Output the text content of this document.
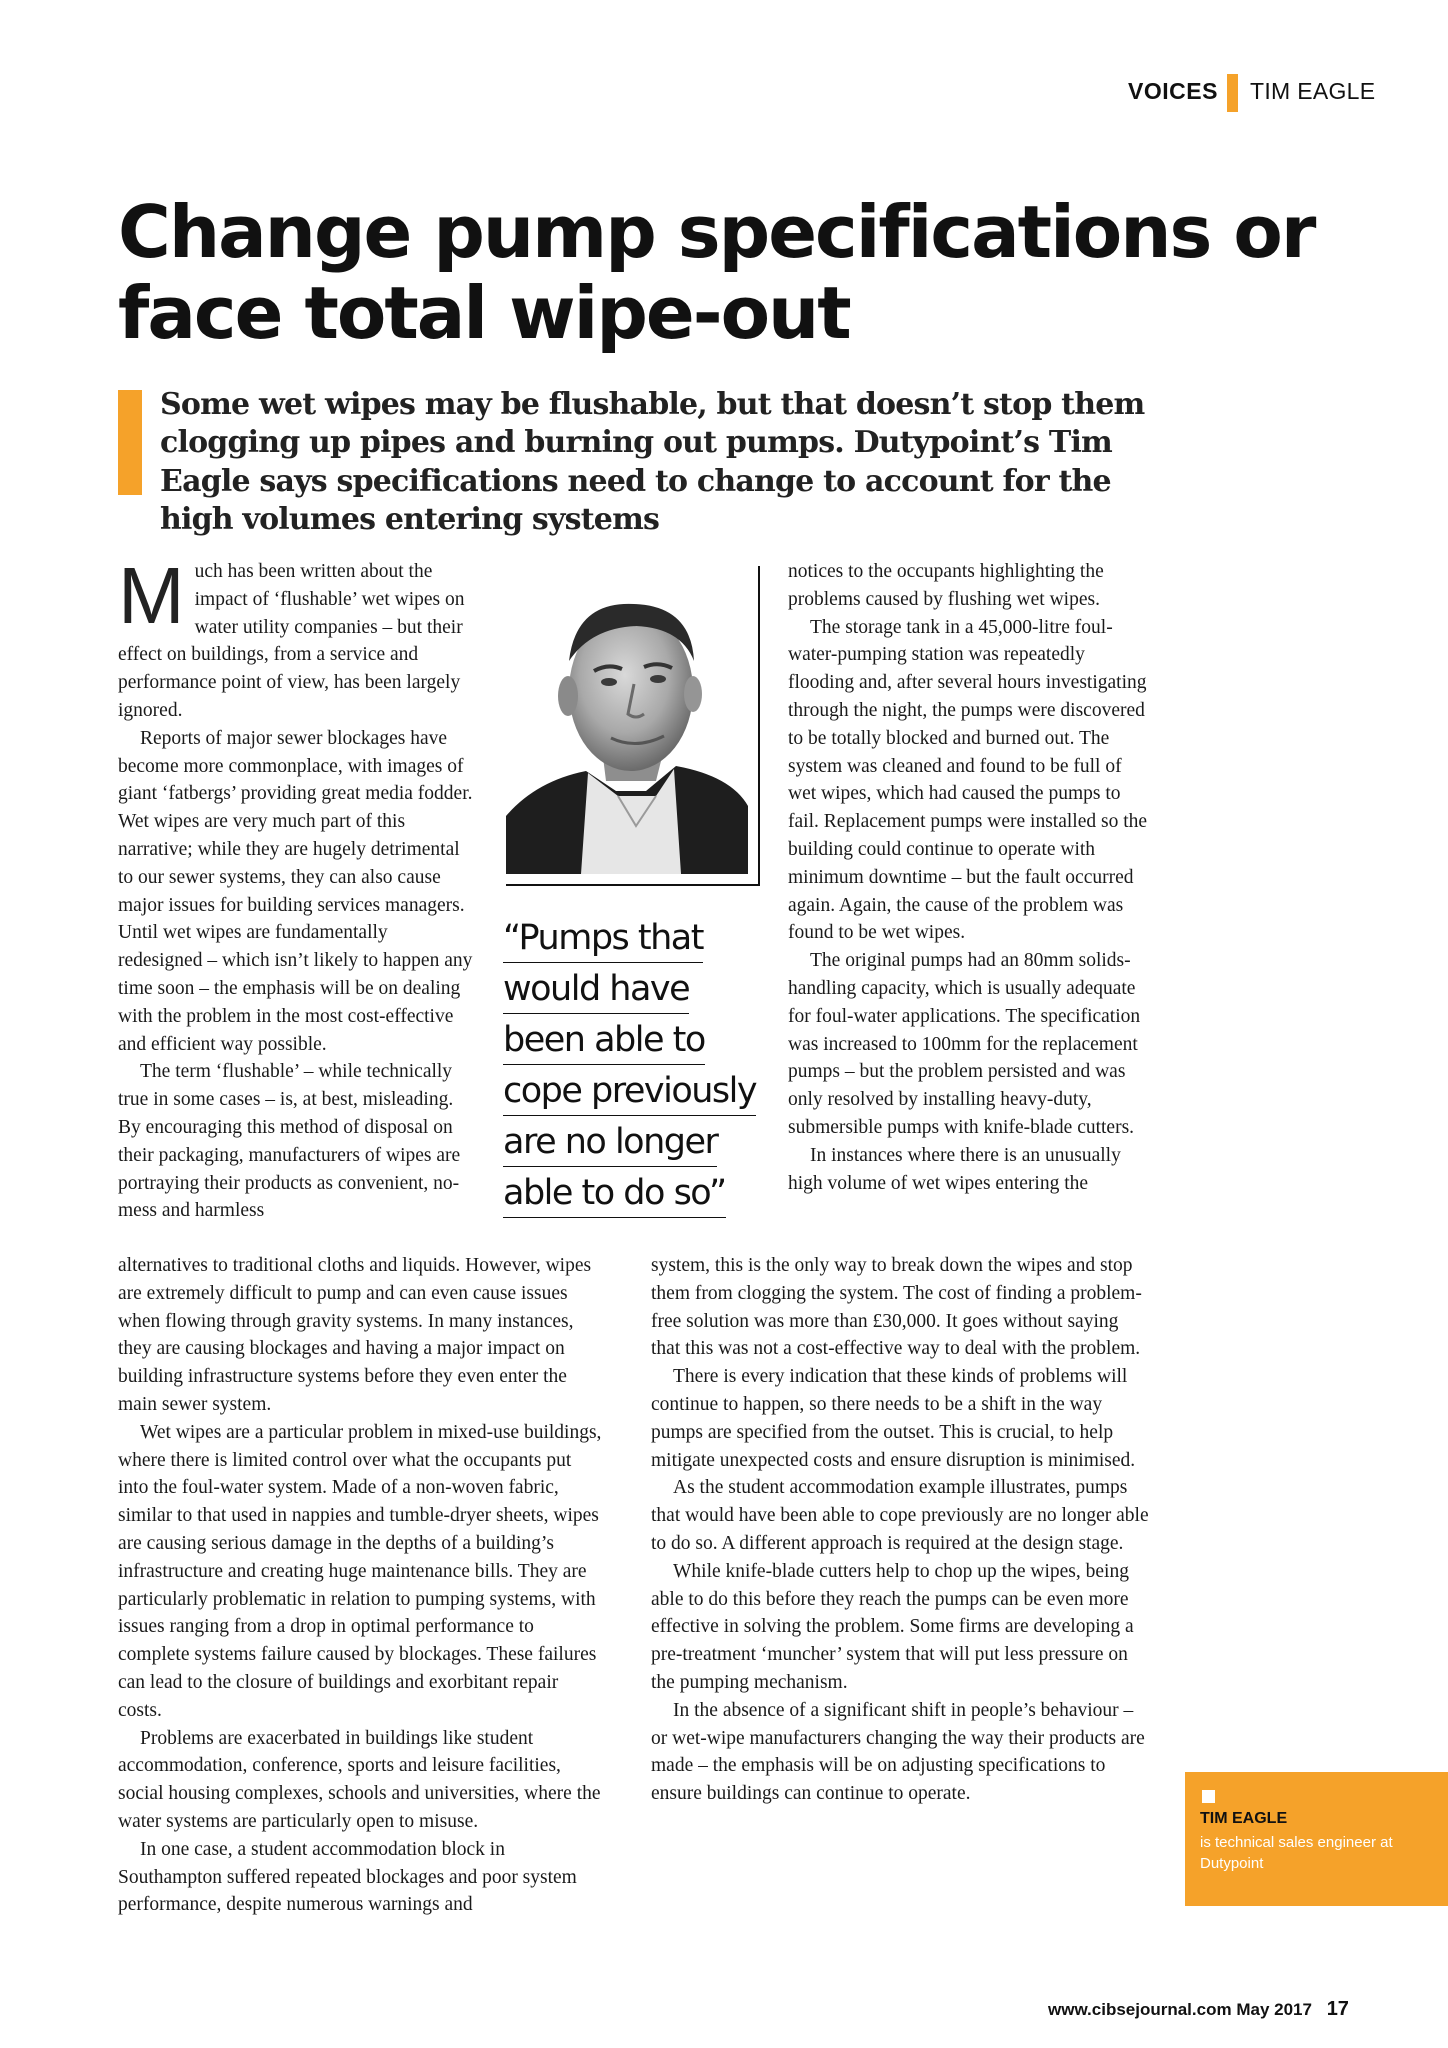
VOICES TIM EAGLE
Change pump specifications or face total wipe-out

Some wet wipes may be flushable, but that doesn’t stop them clogging up pipes and burning out pumps. Dutypoint’s Tim Eagle says specifications need to change to account for the high volumes entering systems

Much has been written about the impact of ‘flushable’ wet wipes on water utility companies – but their effect on buildings, from a service and performance point of view, has been largely ignored.

Reports of major sewer blockages have become more commonplace, with images of giant ‘fatbergs’ providing great media fodder. Wet wipes are very much part of this narrative; while they are hugely detrimental to our sewer systems, they can also cause major issues for building services managers. Until wet wipes are fundamentally redesigned – which isn’t likely to happen any time soon – the emphasis will be on dealing with the problem in the most cost-effective and efficient way possible.

The term ‘flushable’ – while technically true in some cases – is, at best, misleading. By encouraging this method of disposal on their packaging, manufacturers of wipes are portraying their products as convenient, no-mess and harmless

alternatives to traditional cloths and liquids. However, wipes are extremely difficult to pump and can even cause issues when flowing through gravity systems. In many instances, they are causing blockages and having a major impact on building infrastructure systems before they even enter the main sewer system.

Wet wipes are a particular problem in mixed-use buildings, where there is limited control over what the occupants put into the foul-water system. Made of a non-woven fabric, similar to that used in nappies and tumble-dryer sheets, wipes are causing serious damage in the depths of a building’s infrastructure and creating huge maintenance bills. They are particularly problematic in relation to pumping systems, with issues ranging from a drop in optimal performance to complete systems failure caused by blockages. These failures can lead to the closure of buildings and exorbitant repair costs.

Problems are exacerbated in buildings like student accommodation, conference, sports and leisure facilities, social housing complexes, schools and universities, where the water systems are particularly open to misuse.

In one case, a student accommodation block in Southampton suffered repeated blockages and poor system performance, despite numerous warnings and

“Pumps that
would have
been able to
cope previously
are no longer
able to do so”

notices to the occupants highlighting the problems caused by flushing wet wipes.

The storage tank in a 45,000-litre foul-water-pumping station was repeatedly flooding and, after several hours investigating through the night, the pumps were discovered to be totally blocked and burned out. The system was cleaned and found to be full of wet wipes, which had caused the pumps to fail. Replacement pumps were installed so the building could continue to operate with minimum downtime – but the fault occurred again. Again, the cause of the problem was found to be wet wipes.

The original pumps had an 80mm solids-handling capacity, which is usually adequate for foul-water applications. The specification was increased to 100mm for the replacement pumps – but the problem persisted and was only resolved by installing heavy-duty, submersible pumps with knife-blade cutters.

In instances where there is an unusually high volume of wet wipes entering the

system, this is the only way to break down the wipes and stop them from clogging the system. The cost of finding a problem-free solution was more than £30,000. It goes without saying that this was not a cost-effective way to deal with the problem.

There is every indication that these kinds of problems will continue to happen, so there needs to be a shift in the way pumps are specified from the outset. This is crucial, to help mitigate unexpected costs and ensure disruption is minimised.

As the student accommodation example illustrates, pumps that would have been able to cope previously are no longer able to do so. A different approach is required at the design stage.

While knife-blade cutters help to chop up the wipes, being able to do this before they reach the pumps can be even more effective in solving the problem. Some firms are developing a pre-treatment ‘muncher’ system that will put less pressure on the pumping mechanism.

In the absence of a significant shift in people’s behaviour – or wet-wipe manufacturers changing the way their products are made – the emphasis will be on adjusting specifications to ensure buildings can continue to operate.

TIM EAGLE
is technical sales engineer at Dutypoint
www.cibsejournal.com May 2017 17
